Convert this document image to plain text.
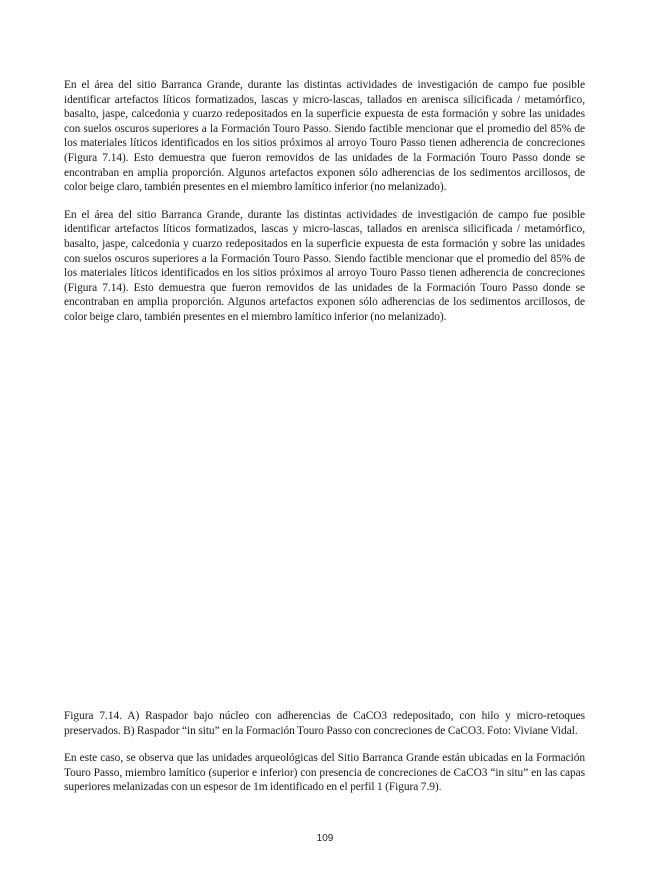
En el área del sitio Barranca Grande, durante las distintas actividades de investigación de campo fue posible identificar artefactos líticos formatizados, lascas y micro-lascas, tallados en arenisca silicificada / metamórfico, basalto, jaspe, calcedonia y cuarzo redepositados en la superficie expuesta de esta formación y sobre las unidades con suelos oscuros superiores a la Formación Touro Passo. Siendo factible mencionar que el promedio del 85% de los materiales líticos identificados en los sitios próximos al arroyo Touro Passo tienen adherencia de concreciones (Figura 7.14). Esto demuestra que fueron removidos de las unidades de la Formación Touro Passo donde se encontraban en amplia proporción. Algunos artefactos exponen sólo adherencias de los sedimentos arcillosos, de color beige claro, también presentes en el miembro lamítico inferior (no melanizado).

En el área del sitio Barranca Grande, durante las distintas actividades de investigación de campo fue posible identificar artefactos líticos formatizados, lascas y micro-lascas, tallados en arenisca silicificada / metamórfico, basalto, jaspe, calcedonia y cuarzo redepositados en la superficie expuesta de esta formación y sobre las unidades con suelos oscuros superiores a la Formación Touro Passo. Siendo factible mencionar que el promedio del 85% de los materiales líticos identificados en los sitios próximos al arroyo Touro Passo tienen adherencia de concreciones (Figura 7.14). Esto demuestra que fueron removidos de las unidades de la Formación Touro Passo donde se encontraban en amplia proporción. Algunos artefactos exponen sólo adherencias de los sedimentos arcillosos, de color beige claro, también presentes en el miembro lamítico inferior (no melanizado).

Figura 7.14. A) Raspador bajo núcleo con adherencias de CaCO3 redepositado, con hilo y micro-retoques preservados. B) Raspador “in situ” en la Formación Touro Passo con concreciones de CaCO3. Foto: Viviane Vidal.

En este caso, se observa que las unidades arqueológicas del Sitio Barranca Grande están ubicadas en la Formación Touro Passo, miembro lamítico (superior e inferior) con presencia de concreciones de CaCO3 “in situ” en las capas superiores melanizadas con un espesor de 1m identificado en el perfil 1 (Figura 7.9).

109
